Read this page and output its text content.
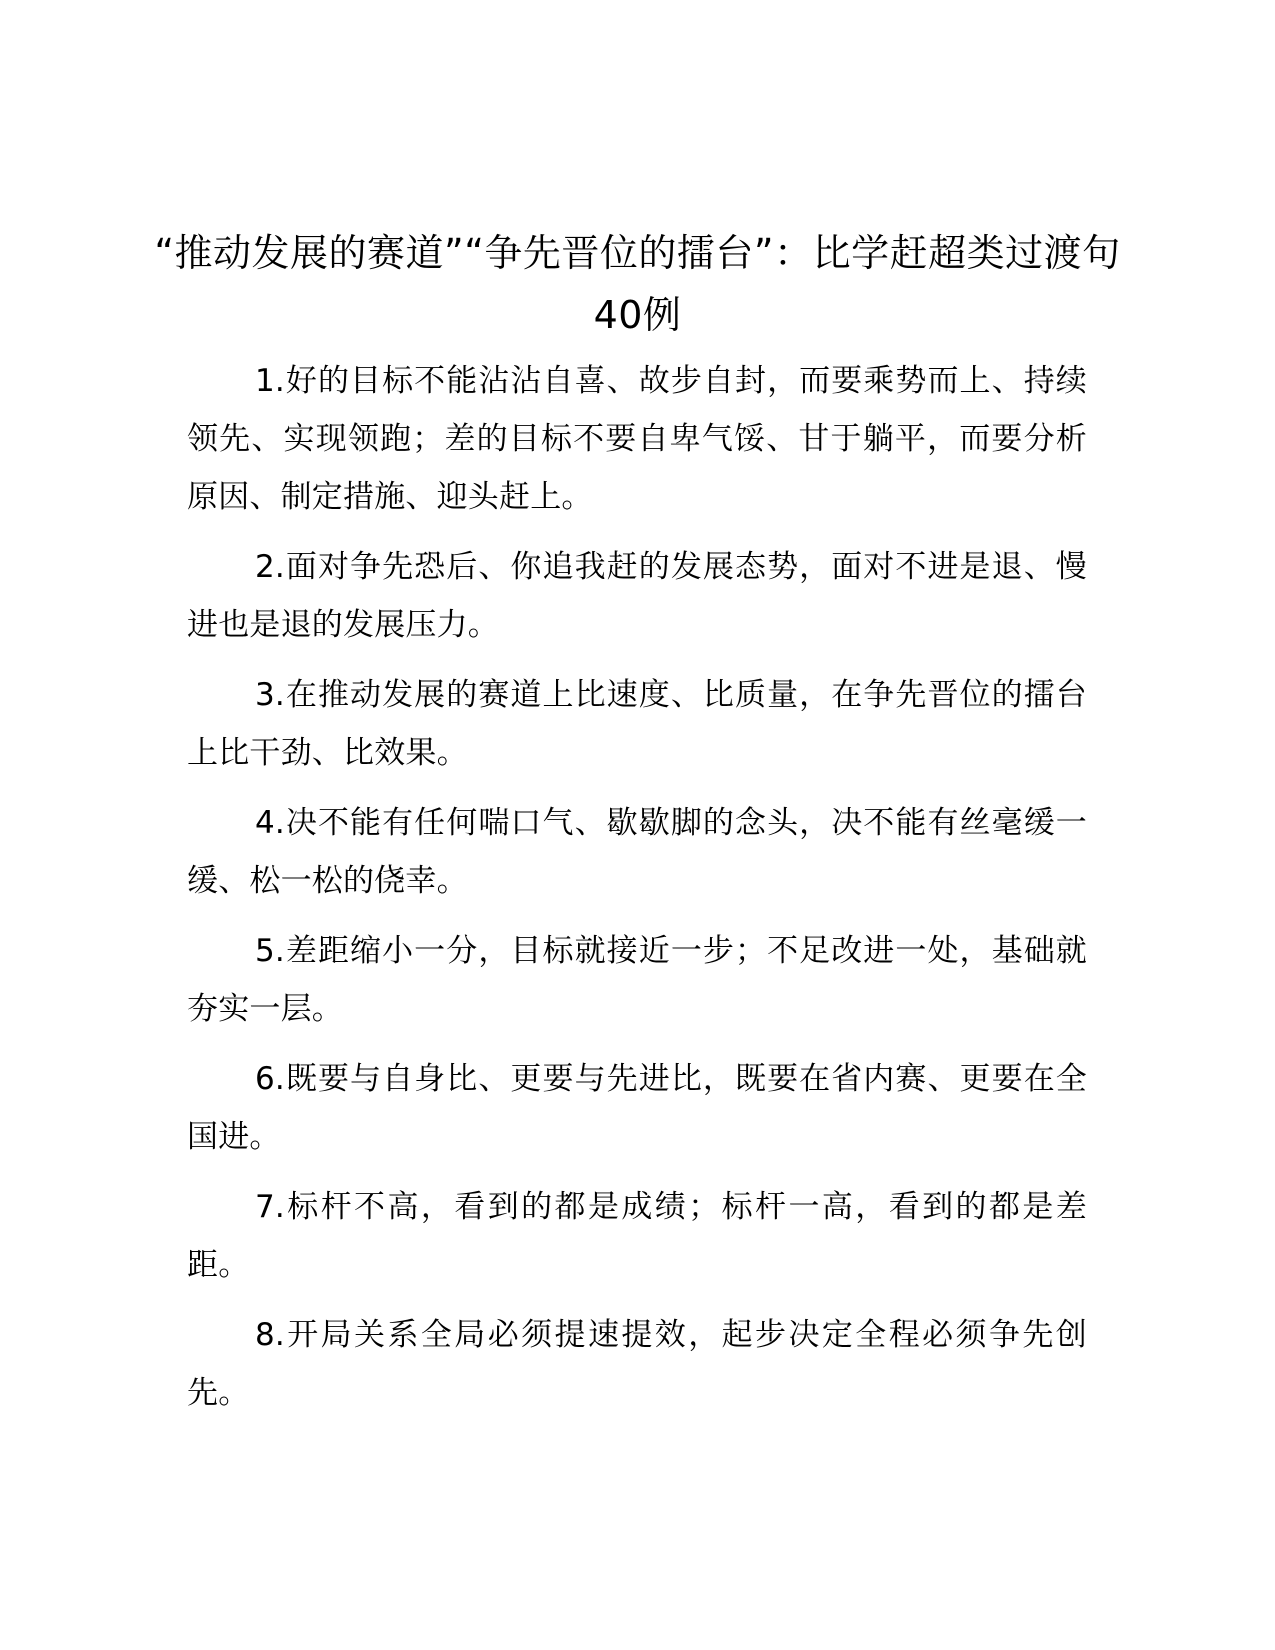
“推动发展的赛道”“争先晋位的擂台”：比学赶超类过渡句40例

1.好的目标不能沾沾自喜、故步自封，而要乘势而上、持续领先、实现领跑；差的目标不要自卑气馁、甘于躺平，而要分析原因、制定措施、迎头赶上。

2.面对争先恐后、你追我赶的发展态势，面对不进是退、慢进也是退的发展压力。

3.在推动发展的赛道上比速度、比质量，在争先晋位的擂台上比干劲、比效果。

4.决不能有任何喘口气、歇歇脚的念头，决不能有丝毫缓一缓、松一松的侥幸。

5.差距缩小一分，目标就接近一步；不足改进一处，基础就夯实一层。

6.既要与自身比、更要与先进比，既要在省内赛、更要在全国进。

7.标杆不高，看到的都是成绩；标杆一高，看到的都是差距。

8.开局关系全局必须提速提效，起步决定全程必须争先创先。
